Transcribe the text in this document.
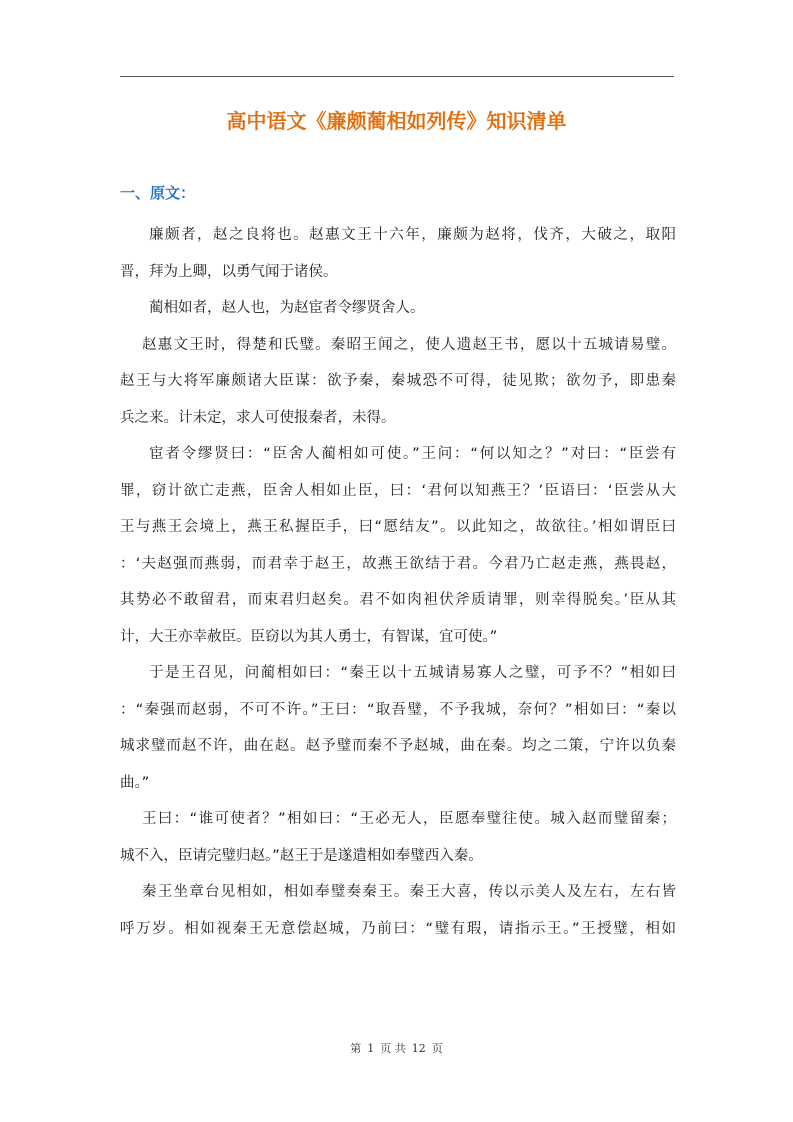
高中语文《廉颇蔺相如列传》知识清单
一、原文：
廉颇者，赵之良将也。赵惠文王十六年，廉颇为赵将，伐齐，大破之，取阳
晋，拜为上卿，以勇气闻于诸侯。
蔺相如者，赵人也，为赵宦者令缪贤舍人。
赵惠文王时，得楚和氏璧。秦昭王闻之，使人遗赵王书，愿以十五城请易璧。
赵王与大将军廉颇诸大臣谋：欲予秦，秦城恐不可得，徒见欺；欲勿予，即患秦
兵之来。计未定，求人可使报秦者，未得。
宦者令缪贤曰：“臣舍人蔺相如可使。”王问：“何以知之？”对曰：“臣尝有
罪，窃计欲亡走燕，臣舍人相如止臣，曰：‘君何以知燕王？’臣语曰：‘臣尝从大
王与燕王会境上，燕王私握臣手，曰“愿结友”。以此知之，故欲往。’相如谓臣曰
：‘夫赵强而燕弱，而君幸于赵王，故燕王欲结于君。今君乃亡赵走燕，燕畏赵，
其势必不敢留君，而束君归赵矣。君不如肉袒伏斧质请罪，则幸得脱矣。’臣从其
计，大王亦幸赦臣。臣窃以为其人勇士，有智谋，宜可使。”
于是王召见，问蔺相如曰：“秦王以十五城请易寡人之璧，可予不？”相如曰
：“秦强而赵弱，不可不许。”王曰：“取吾璧，不予我城，奈何？”相如曰：“秦以
城求璧而赵不许，曲在赵。赵予璧而秦不予赵城，曲在秦。均之二策，宁许以负秦
曲。”
王曰：“谁可使者？”相如曰：“王必无人，臣愿奉璧往使。城入赵而璧留秦；
城不入，臣请完璧归赵。”赵王于是遂遣相如奉璧西入秦。
秦王坐章台见相如，相如奉璧奏秦王。秦王大喜，传以示美人及左右，左右皆
呼万岁。相如视秦王无意偿赵城，乃前曰：“璧有瑕，请指示王。”王授璧，相如
第 1 页 共 12 页
